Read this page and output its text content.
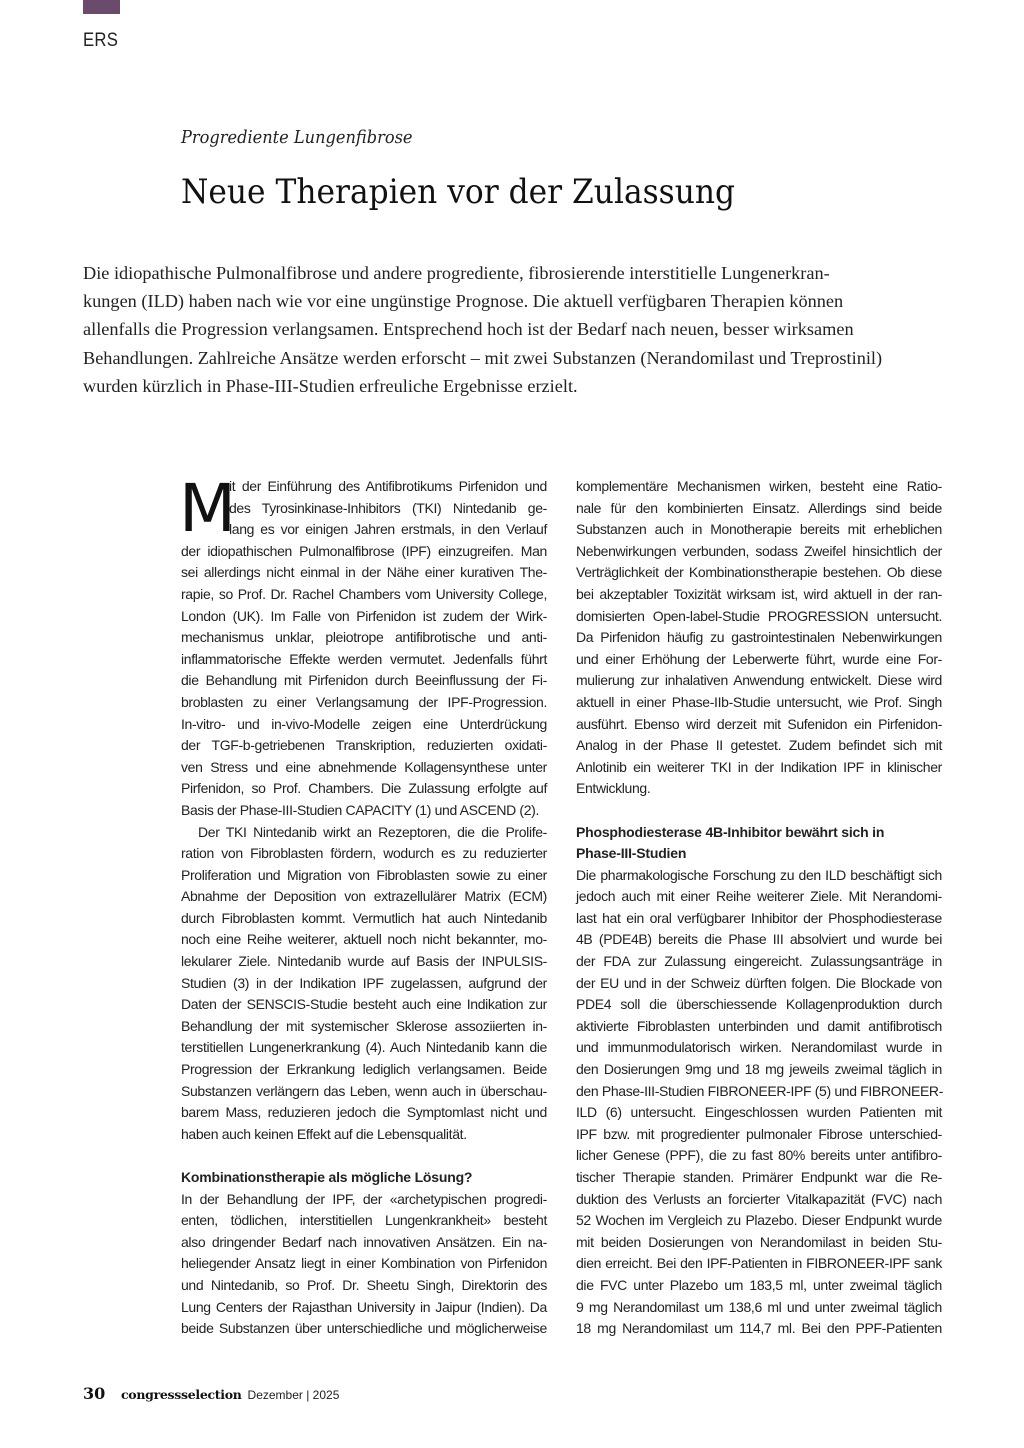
ERS
Progrediente Lungenfibrose
Neue Therapien vor der Zulassung

Die idiopathische Pulmonalfibrose und andere progrediente, fibrosierende interstitielle Lungenerkran-
kungen (ILD) haben nach wie vor eine ungünstige Prognose. Die aktuell verfügbaren Therapien können
allenfalls die Progression verlangsamen. Entsprechend hoch ist der Bedarf nach neuen, besser wirksamen
Behandlungen. Zahlreiche Ansätze werden erforscht – mit zwei Substanzen (Nerandomilast und Treprostinil)
wurden kürzlich in Phase-III-Studien erfreuliche Ergebnisse erzielt.

M
it der Einführung des Antifibrotikums Pirfenidon und
des Tyrosinkinase-Inhibitors (TKI) Nintedanib ge-
lang es vor einigen Jahren erstmals, in den Verlauf
der idiopathischen Pulmonalfibrose (IPF) einzugreifen. Man
sei allerdings nicht einmal in der Nähe einer kurativen The-
rapie, so Prof. Dr. Rachel Chambers vom University College,
London (UK). Im Falle von Pirfenidon ist zudem der Wirk-
mechanismus unklar, pleiotrope antifibrotische und anti-
inflammatorische Effekte werden vermutet. Jedenfalls führt
die Behandlung mit Pirfenidon durch Beeinflussung der Fi-
broblasten zu einer Verlangsamung der IPF-Progression.
In-vitro- und in-vivo-Modelle zeigen eine Unterdrückung
der TGF-b-getriebenen Transkription, reduzierten oxidati-
ven Stress und eine abnehmende Kollagensynthese unter
Pirfenidon, so Prof. Chambers. Die Zulassung erfolgte auf
Basis der Phase-III-Studien CAPACITY (1) und ASCEND (2).
Der TKI Nintedanib wirkt an Rezeptoren, die die Prolife-
ration von Fibroblasten fördern, wodurch es zu reduzierter
Proliferation und Migration von Fibroblasten sowie zu einer
Abnahme der Deposition von extrazellulärer Matrix (ECM)
durch Fibroblasten kommt. Vermutlich hat auch Nintedanib
noch eine Reihe weiterer, aktuell noch nicht bekannter, mo-
lekularer Ziele. Nintedanib wurde auf Basis der INPULSIS-
Studien (3) in der Indikation IPF zugelassen, aufgrund der
Daten der SENSCIS-Studie besteht auch eine Indikation zur
Behandlung der mit systemischer Sklerose assoziierten in-
terstitiellen Lungenerkrankung (4). Auch Nintedanib kann die
Progression der Erkrankung lediglich verlangsamen. Beide
Substanzen verlängern das Leben, wenn auch in überschau-
barem Mass, reduzieren jedoch die Symptomlast nicht und
haben auch keinen Effekt auf die Lebensqualität.
Kombinationstherapie als mögliche Lösung?
In der Behandlung der IPF, der «archetypischen progredi-
enten, tödlichen, interstitiellen Lungenkrankheit» besteht
also dringender Bedarf nach innovativen Ansätzen. Ein na-
heliegender Ansatz liegt in einer Kombination von Pirfenidon
und Nintedanib, so Prof. Dr. Sheetu Singh, Direktorin des
Lung Centers der Rajasthan University in Jaipur (Indien). Da
beide Substanzen über unterschiedliche und möglicherweise
komplementäre Mechanismen wirken, besteht eine Ratio-
nale für den kombinierten Einsatz. Allerdings sind beide
Substanzen auch in Monotherapie bereits mit erheblichen
Nebenwirkungen verbunden, sodass Zweifel hinsichtlich der
Verträglichkeit der Kombinationstherapie bestehen. Ob diese
bei akzeptabler Toxizität wirksam ist, wird aktuell in der ran-
domisierten Open-label-Studie PROGRESSION untersucht.
Da Pirfenidon häufig zu gastrointestinalen Nebenwirkungen
und einer Erhöhung der Leberwerte führt, wurde eine For-
mulierung zur inhalativen Anwendung entwickelt. Diese wird
aktuell in einer Phase-IIb-Studie untersucht, wie Prof. Singh
ausführt. Ebenso wird derzeit mit Sufenidon ein Pirfenidon-
Analog in der Phase II getestet. Zudem befindet sich mit
Anlotinib ein weiterer TKI in der Indikation IPF in klinischer
Entwicklung.
Phosphodiesterase 4B-Inhibitor bewährt sich in
Phase-III-Studien
Die pharmakologische Forschung zu den ILD beschäftigt sich
jedoch auch mit einer Reihe weiterer Ziele. Mit Nerandomi-
last hat ein oral verfügbarer Inhibitor der Phosphodiesterase
4B (PDE4B) bereits die Phase III absolviert und wurde bei
der FDA zur Zulassung eingereicht. Zulassungsanträge in
der EU und in der Schweiz dürften folgen. Die Blockade von
PDE4 soll die überschiessende Kollagenproduktion durch
aktivierte Fibroblasten unterbinden und damit antifibrotisch
und immunmodulatorisch wirken. Nerandomilast wurde in
den Dosierungen 9mg und 18 mg jeweils zweimal täglich in
den Phase-III-Studien FIBRONEER-IPF (5) und FIBRONEER-
ILD (6) untersucht. Eingeschlossen wurden Patienten mit
IPF bzw. mit progredienter pulmonaler Fibrose unterschied-
licher Genese (PPF), die zu fast 80% bereits unter antifibro-
tischer Therapie standen. Primärer Endpunkt war die Re-
duktion des Verlusts an forcierter Vitalkapazität (FVC) nach
52 Wochen im Vergleich zu Plazebo. Dieser Endpunkt wurde
mit beiden Dosierungen von Nerandomilast in beiden Stu-
dien erreicht. Bei den IPF-Patienten in FIBRONEER-IPF sank
die FVC unter Plazebo um 183,5 ml, unter zweimal täglich
9 mg Nerandomilast um 138,6 ml und unter zweimal täglich
18 mg Nerandomilast um 114,7 ml. Bei den PPF-Patienten
30	congressselection Dezember | 2025
